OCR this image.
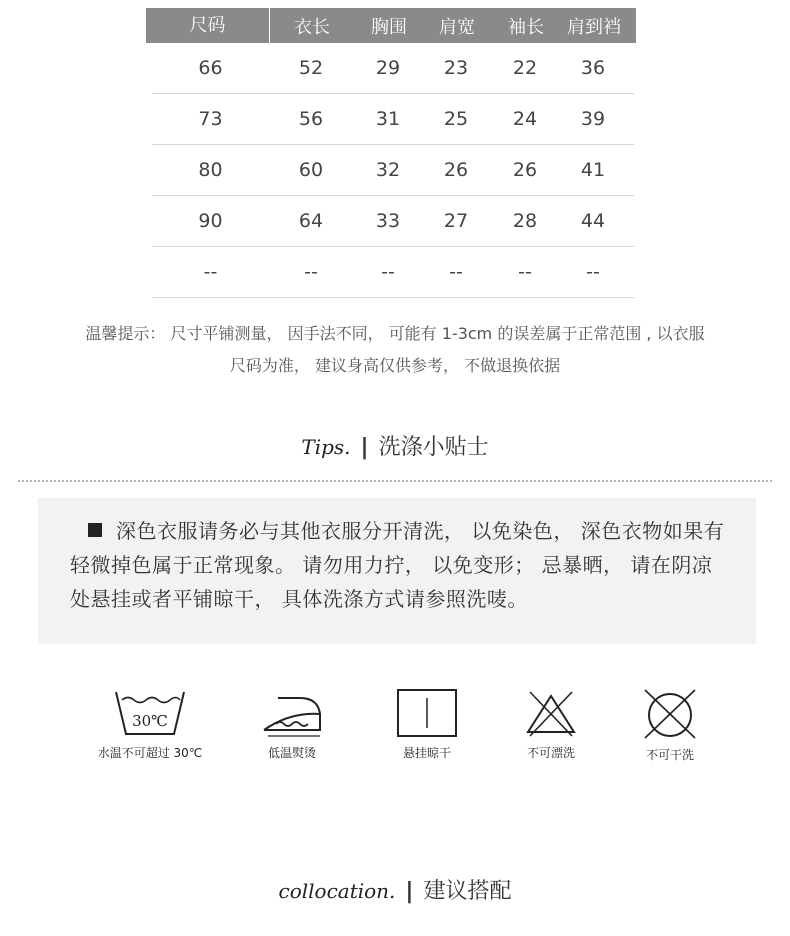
尺码	衣长	胸围	肩宽	袖长	肩到裆
66	52	29	23	22	36
73	56	31	25	24	39
80	60	32	26	26	41
90	64	33	27	28	44
--	--	--	--	--	--
温馨提示： 尺寸平铺测量， 因手法不同， 可能有 1-3cm 的误差属于正常范围 , 以衣服
尺码为准， 建议身高仅供参考， 不做退换依据
Tips. | 洗涤小贴士
深色衣服请务必与其他衣服分开清洗， 以免染色， 深色衣物如果有轻微掉色属于正常现象。 请勿用力拧， 以免变形； 忌暴晒， 请在阴凉处悬挂或者平铺晾干， 具体洗涤方式请参照洗唛。
30℃
水温不可超过 30℃	低温熨烫	悬挂晾干	不可漂洗	不可干洗
collocation. | 建议搭配
